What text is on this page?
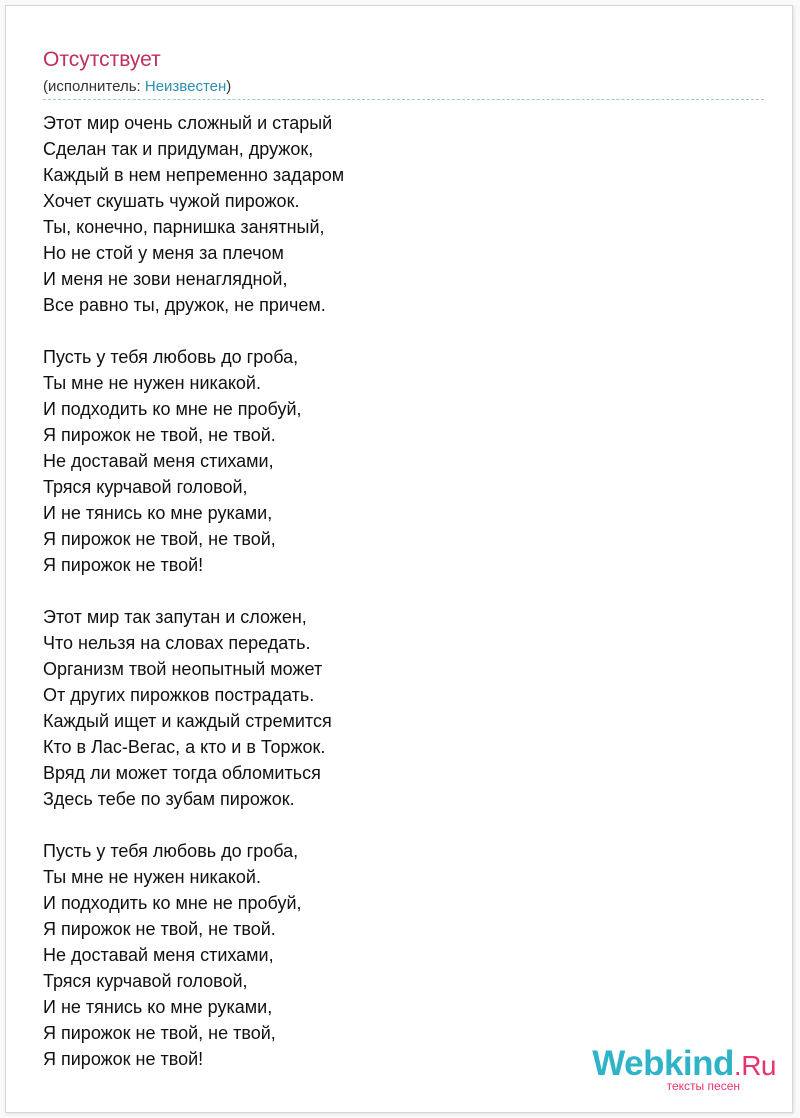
Отсутствует
(исполнитель: Неизвестен)
Этот мир очень сложный и старый
Сделан так и придуман, дружок,
Каждый в нем непременно задаром
Хочет скушать чужой пирожок.
Ты, конечно, парнишка занятный,
Но не стой у меня за плечом
И меня не зови ненаглядной,
Все равно ты, дружок, не причем.
Пусть у тебя любовь до гроба,
Ты мне не нужен никакой.
И подходить ко мне не пробуй,
Я пирожок не твой, не твой.
Не доставай меня стихами,
Тряся курчавой головой,
И не тянись ко мне руками,
Я пирожок не твой, не твой,
Я пирожок не твой!
Этот мир так запутан и сложен,
Что нельзя на словах передать.
Организм твой неопытный может
От других пирожков пострадать.
Каждый ищет и каждый стремится
Кто в Лас-Вегас, а кто и в Торжок.
Вряд ли может тогда обломиться
Здесь тебе по зубам пирожок.
Пусть у тебя любовь до гроба,
Ты мне не нужен никакой.
И подходить ко мне не пробуй,
Я пирожок не твой, не твой.
Не доставай меня стихами,
Тряся курчавой головой,
И не тянись ко мне руками,
Я пирожок не твой, не твой,
Я пирожок не твой!	Webkind.Ru
тексты песен
